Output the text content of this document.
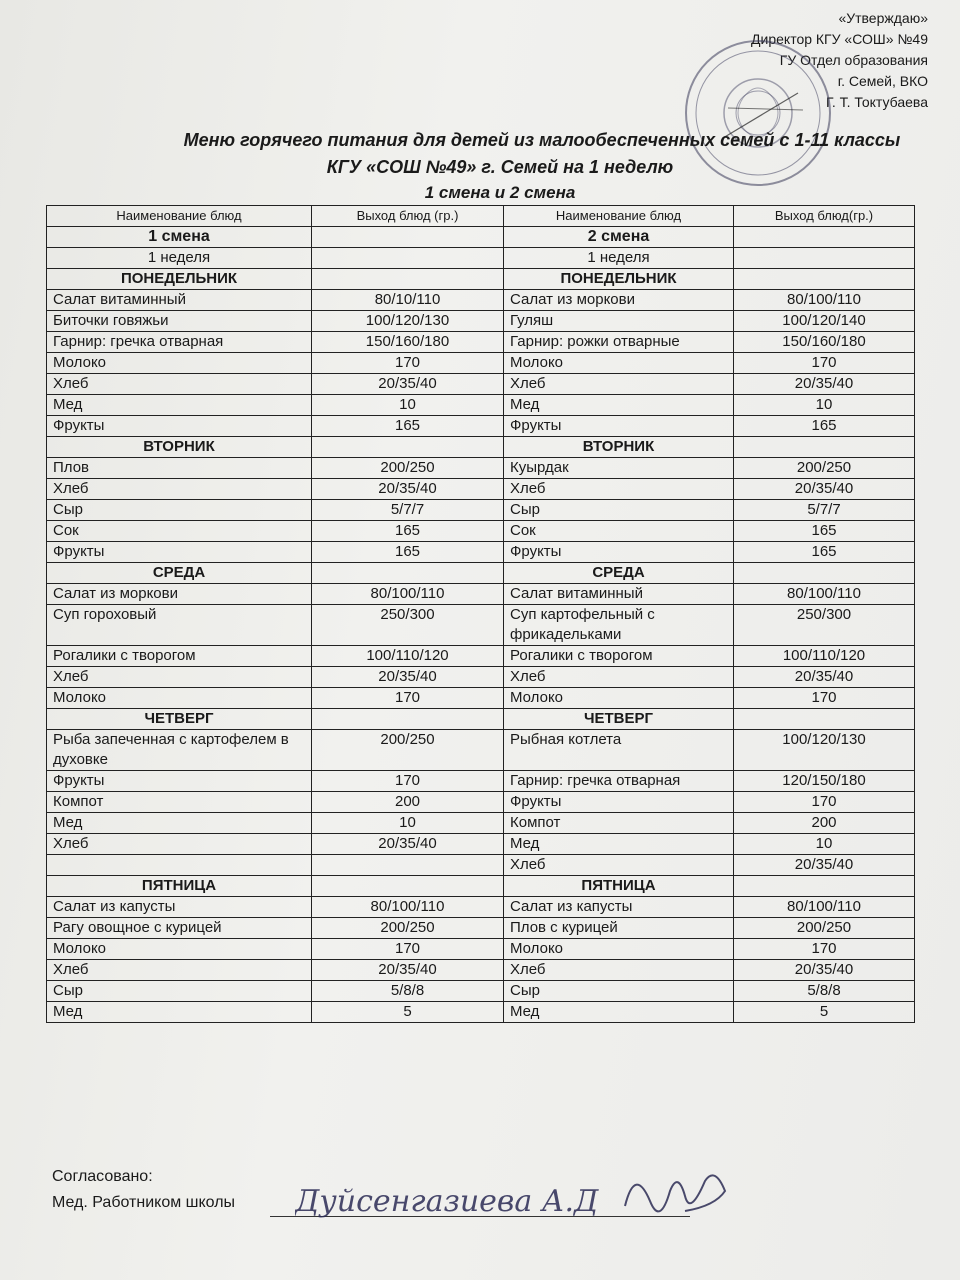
«Утверждаю»
Директор КГУ «СОШ» №49
ГУ Отдел образования
г. Семей, ВКО
Г. Т. Токтубаева
Меню горячего питания для детей из малообеспеченных семей с 1-11 классы
КГУ «СОШ №49» г. Семей на 1 неделю
1 смена и 2 смена
Наименование блюд	Выход блюд (гр.)	Наименование блюд	Выход блюд(гр.)
1 смена		2 смена	
1 неделя		1 неделя	
ПОНЕДЕЛЬНИК		ПОНЕДЕЛЬНИК	
Салат витаминный	80/10/110	Салат из моркови	80/100/110
Биточки говяжьи	100/120/130	Гуляш	100/120/140
Гарнир: гречка отварная	150/160/180	Гарнир: рожки отварные	150/160/180
Молоко	170	Молоко	170
Хлеб	20/35/40	Хлеб	20/35/40
Мед	10	Мед	10
Фрукты	165	Фрукты	165
ВТОРНИК		ВТОРНИК	
Плов	200/250	Куырдак	200/250
Хлеб	20/35/40	Хлеб	20/35/40
Сыр	5/7/7	Сыр	5/7/7
Сок	165	Сок	165
Фрукты	165	Фрукты	165
СРЕДА		СРЕДА	
Салат из моркови	80/100/110	Салат витаминный	80/100/110
Суп гороховый	250/300	Суп картофельный с фрикадельками	250/300
Рогалики с творогом	100/110/120	Рогалики с творогом	100/110/120
Хлеб	20/35/40	Хлеб	20/35/40
Молоко	170	Молоко	170
ЧЕТВЕРГ		ЧЕТВЕРГ	
Рыба запеченная с картофелем в духовке	200/250	Рыбная котлета	100/120/130
Фрукты	170	Гарнир: гречка отварная	120/150/180
Компот	200	Фрукты	170
Мед	10	Компот	200
Хлеб	20/35/40	Мед	10
		Хлеб	20/35/40
ПЯТНИЦА		ПЯТНИЦА	
Салат из капусты	80/100/110	Салат из капусты	80/100/110
Рагу овощное с курицей	200/250	Плов с курицей	200/250
Молоко	170	Молоко	170
Хлеб	20/35/40	Хлеб	20/35/40
Сыр	5/8/8	Сыр	5/8/8
Мед	5	Мед	5
Согласовано:
Мед. Работником школы Дуйсенгазиева А.Д
